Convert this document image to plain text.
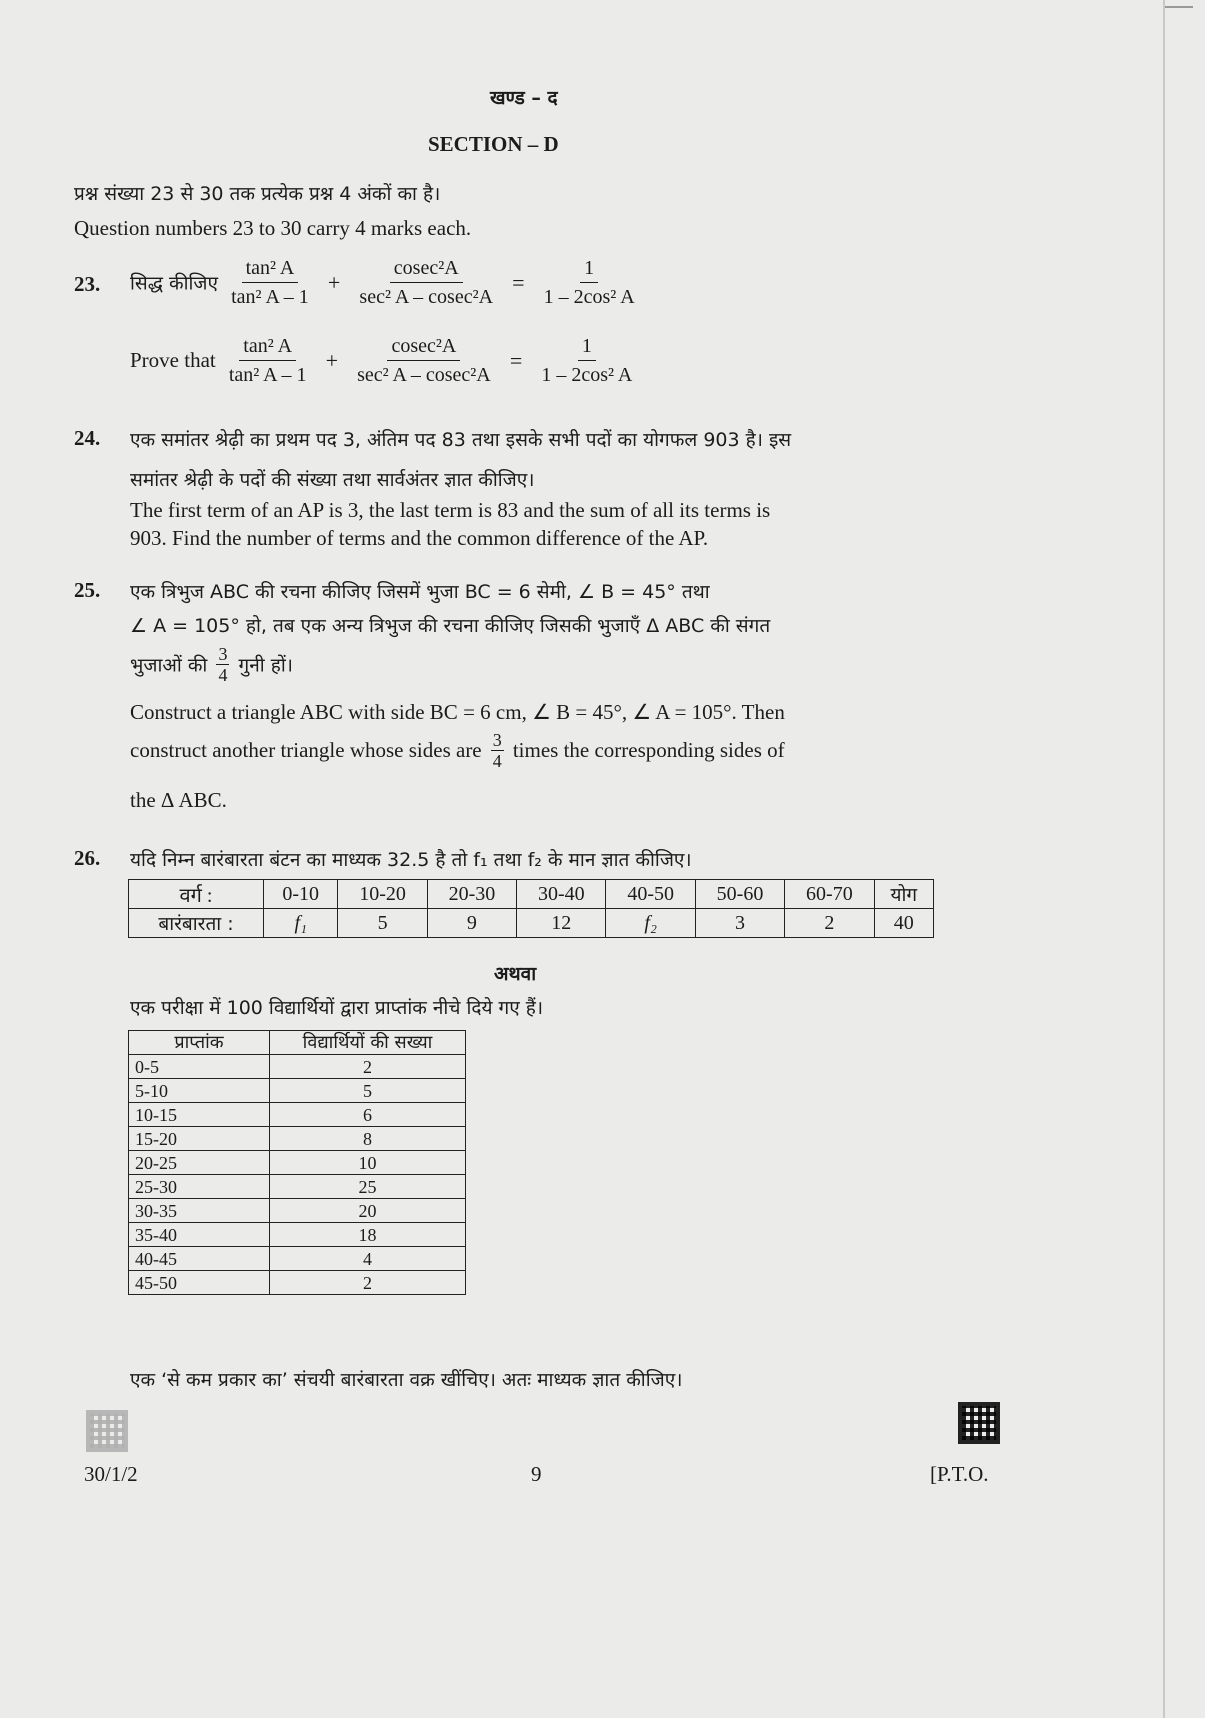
खण्ड – द
SECTION – D
प्रश्न संख्या 23 से 30 तक प्रत्येक प्रश्न 4 अंकों का है।
Question numbers 23 to 30 carry 4 marks each.
23. सिद्ध कीजिए $\frac{\text{tan² A}}{\text{tan² A – 1}} + \frac{\text{cosec²A}}{\text{sec² A – cosec²A}} = \frac{1}{\text{1 – 2cos² A}}$
Prove that $\frac{\text{tan² A}}{\text{tan² A – 1}} + \frac{\text{cosec²A}}{\text{sec² A – cosec²A}} = \frac{1}{\text{1 – 2cos² A}}$
24. एक समांतर श्रेढ़ी का प्रथम पद 3, अंतिम पद 83 तथा इसके सभी पदों का योगफल 903 है। इस
समांतर श्रेढ़ी के पदों की संख्या तथा सार्वअंतर ज्ञात कीजिए।
The first term of an AP is 3, the last term is 83 and the sum of all its terms is
903. Find the number of terms and the common difference of the AP.
25. एक त्रिभुज ABC की रचना कीजिए जिसमें भुजा BC = 6 सेमी, ∠ B = 45° तथा
∠ A = 105° हो, तब एक अन्य त्रिभुज की रचना कीजिए जिसकी भुजाएँ Δ ABC की संगत
भुजाओं की $\frac{3}{4}$ गुनी हों।
Construct a triangle ABC with side BC = 6 cm, ∠ B = 45°, ∠ A = 105°. Then
construct another triangle whose sides are $\frac{3}{4}$ times the corresponding sides of
the Δ ABC.
26. यदि निम्न बारंबारता बंटन का माध्यक 32.5 है तो f₁ तथा f₂ के मान ज्ञात कीजिए।
वर्ग :	0-10	10-20	20-30	30-40	40-50	50-60	60-70	योग
बारंबारता :	f₁	5	9	12	f₂	3	2	40
अथवा
एक परीक्षा में 100 विद्यार्थियों द्वारा प्राप्तांक नीचे दिये गए हैं।
प्राप्तांक	विद्यार्थियों की सख्या
0-5	2
5-10	5
10-15	6
15-20	8
20-25	10
25-30	25
30-35	20
35-40	18
40-45	4
45-50	2
एक ‘से कम प्रकार का’ संचयी बारंबारता वक्र खींचिए। अतः माध्यक ज्ञात कीजिए।
30/1/2	9	[P.T.O.
